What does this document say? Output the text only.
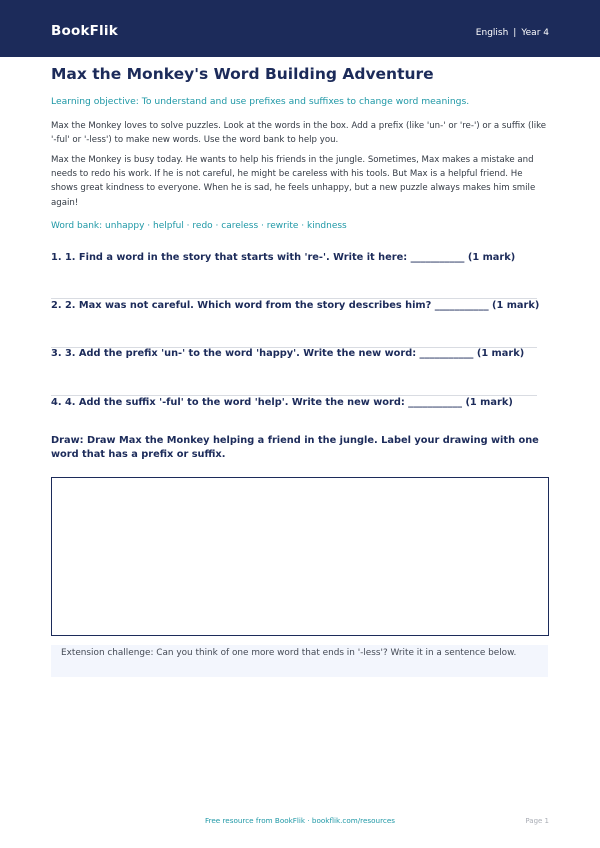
BookFlik	English | Year 4
Max the Monkey's Word Building Adventure
Learning objective: To understand and use prefixes and suffixes to change word meanings.
Max the Monkey loves to solve puzzles. Look at the words in the box. Add a prefix (like 'un-' or 're-') or a suffix (like '-ful' or '-less') to make new words. Use the word bank to help you.
Max the Monkey is busy today. He wants to help his friends in the jungle. Sometimes, Max makes a mistake and needs to redo his work. If he is not careful, he might be careless with his tools. But Max is a helpful friend. He shows great kindness to everyone. When he is sad, he feels unhappy, but a new puzzle always makes him smile again!
Word bank: unhappy · helpful · redo · careless · rewrite · kindness
1. 1. Find a word in the story that starts with 're-'. Write it here: ___________ (1 mark)
2. 2. Max was not careful. Which word from the story describes him? ___________ (1 mark)
3. 3. Add the prefix 'un-' to the word 'happy'. Write the new word: ___________ (1 mark)
4. 4. Add the suffix '-ful' to the word 'help'. Write the new word: ___________ (1 mark)
Draw: Draw Max the Monkey helping a friend in the jungle. Label your drawing with one word that has a prefix or suffix.
Extension challenge: Can you think of one more word that ends in '-less'? Write it in a sentence below.
Free resource from BookFlik · bookflik.com/resources	Page 1
